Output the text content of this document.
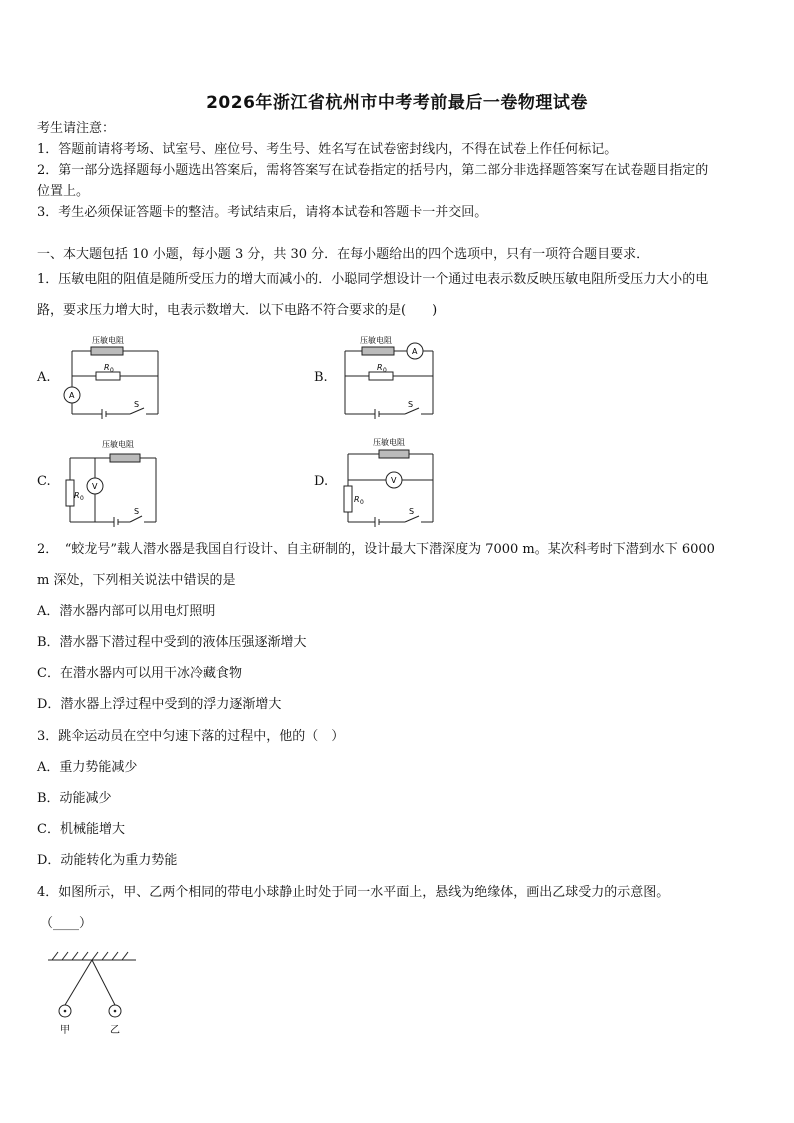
2026年浙江省杭州市中考考前最后一卷物理试卷
考生请注意：
1．答题前请将考场、试室号、座位号、考生号、姓名写在试卷密封线内，不得在试卷上作任何标记。
2．第一部分选择题每小题选出答案后，需将答案写在试卷指定的括号内，第二部分非选择题答案写在试卷题目指定的
位置上。
3．考生必须保证答题卡的整洁。考试结束后，请将本试卷和答题卡一并交回。
一、本大题包括 10 小题，每小题 3 分，共 30 分．在每小题给出的四个选项中，只有一项符合题目要求．
1．压敏电阻的阻值是随所受压力的增大而减小的．小聪同学想设计一个通过电表示数反映压敏电阻所受压力大小的电
路，要求压力增大时，电表示数增大．以下电路不符合要求的是(　　)
A.	B.
C.	D.
压敏电阻
R 0
A
S
压敏电阻
A
R 0
S
压敏电阻
V
R 0
S
压敏电阻
V
R 0
S
2．　“蛟龙号”载人潜水器是我国自行设计、自主研制的，设计最大下潜深度为 7000 m。某次科考时下潜到水下 6000
m 深处，下列相关说法中错误的是
A．潜水器内部可以用电灯照明
B．潜水器下潜过程中受到的液体压强逐渐增大
C．在潜水器内可以用干冰冷藏食物
D．潜水器上浮过程中受到的浮力逐渐增大
3．跳伞运动员在空中匀速下落的过程中，他的（　）
A．重力势能减少
B．动能减少
C．机械能增大
D．动能转化为重力势能
4．如图所示，甲、乙两个相同的带电小球静止时处于同一水平面上，悬线为绝缘体，画出乙球受力的示意图。
（____）
甲	乙
